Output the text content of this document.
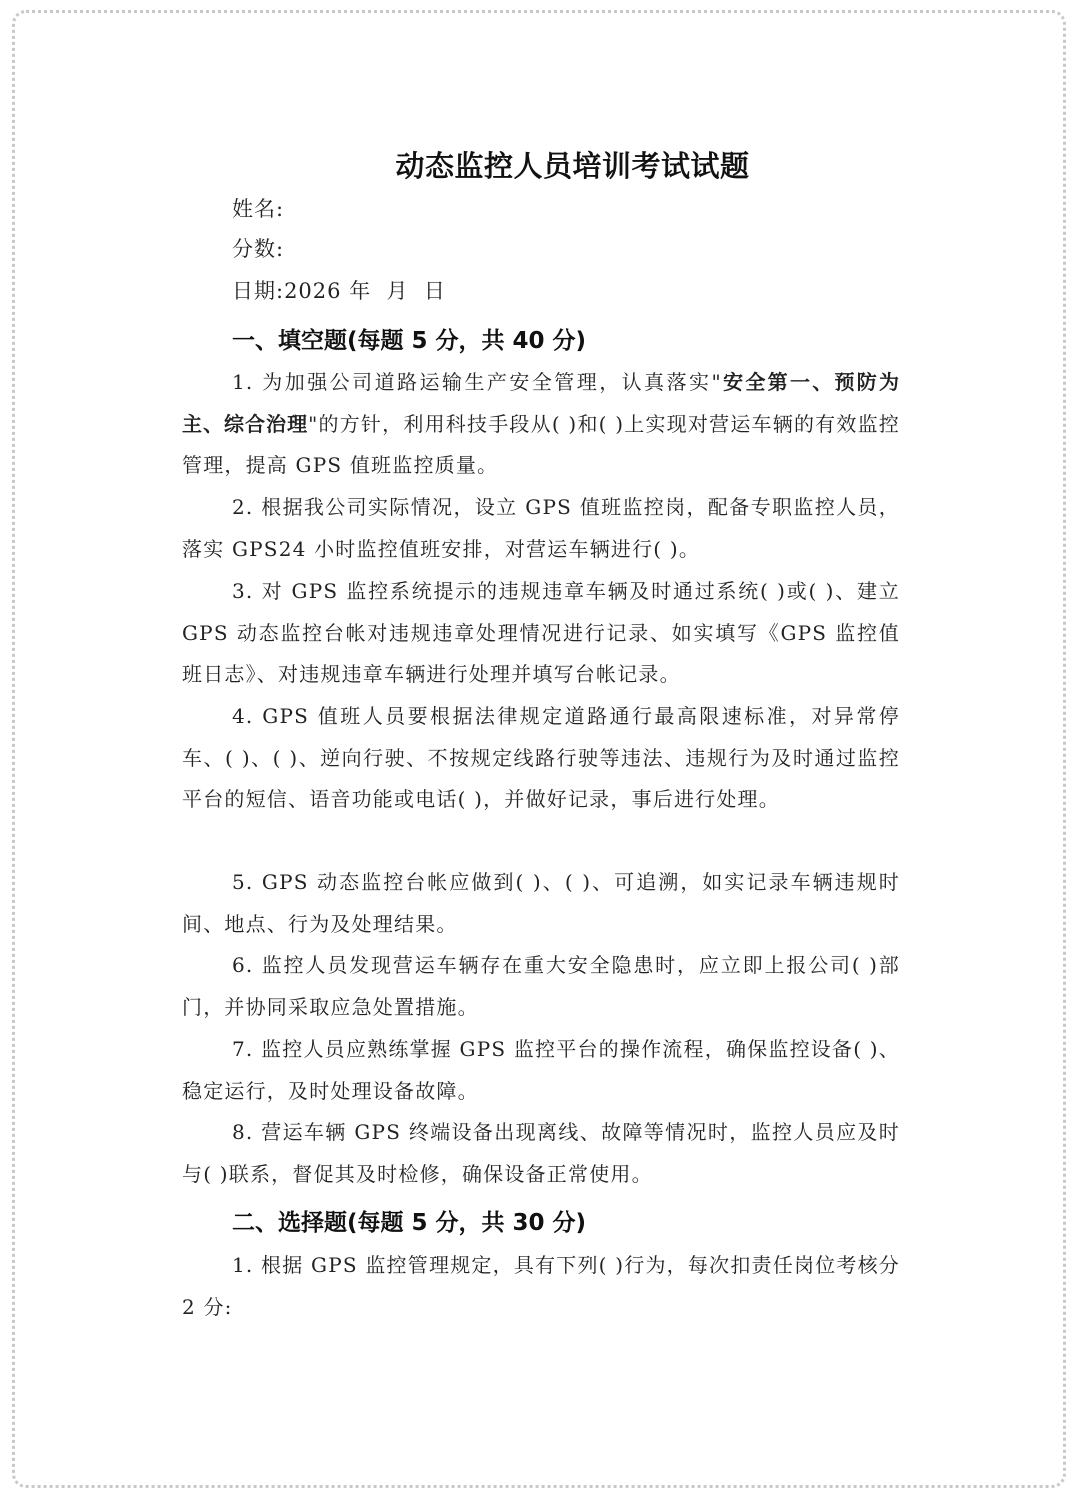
动态监控人员培训考试试题
姓名:
分数:
日期:2026 年  月  日
一、填空题(每题 5 分，共 40 分)

1. 为加强公司道路运输生产安全管理，认真落实"安全第一、预防为主、综合治理"的方针，利用科技手段从( )和( )上实现对营运车辆的有效监控管理，提高 GPS 值班监控质量。

2. 根据我公司实际情况，设立 GPS 值班监控岗，配备专职监控人员，落实 GPS24 小时监控值班安排，对营运车辆进行( )。

3. 对 GPS 监控系统提示的违规违章车辆及时通过系统( )或( )、建立 GPS 动态监控台帐对违规违章处理情况进行记录、如实填写《GPS 监控值班日志》、对违规违章车辆进行处理并填写台帐记录。

4. GPS 值班人员要根据法律规定道路通行最高限速标准，对异常停车、( )、( )、逆向行驶、不按规定线路行驶等违法、违规行为及时通过监控平台的短信、语音功能或电话( )，并做好记录，事后进行处理。

5. GPS 动态监控台帐应做到( )、( )、可追溯，如实记录车辆违规时间、地点、行为及处理结果。

6. 监控人员发现营运车辆存在重大安全隐患时，应立即上报公司( )部门，并协同采取应急处置措施。

7. 监控人员应熟练掌握 GPS 监控平台的操作流程，确保监控设备( )、稳定运行，及时处理设备故障。

8. 营运车辆 GPS 终端设备出现离线、故障等情况时，监控人员应及时与( )联系，督促其及时检修，确保设备正常使用。

二、选择题(每题 5 分，共 30 分)

1. 根据 GPS 监控管理规定，具有下列( )行为，每次扣责任岗位考核分 2 分:
